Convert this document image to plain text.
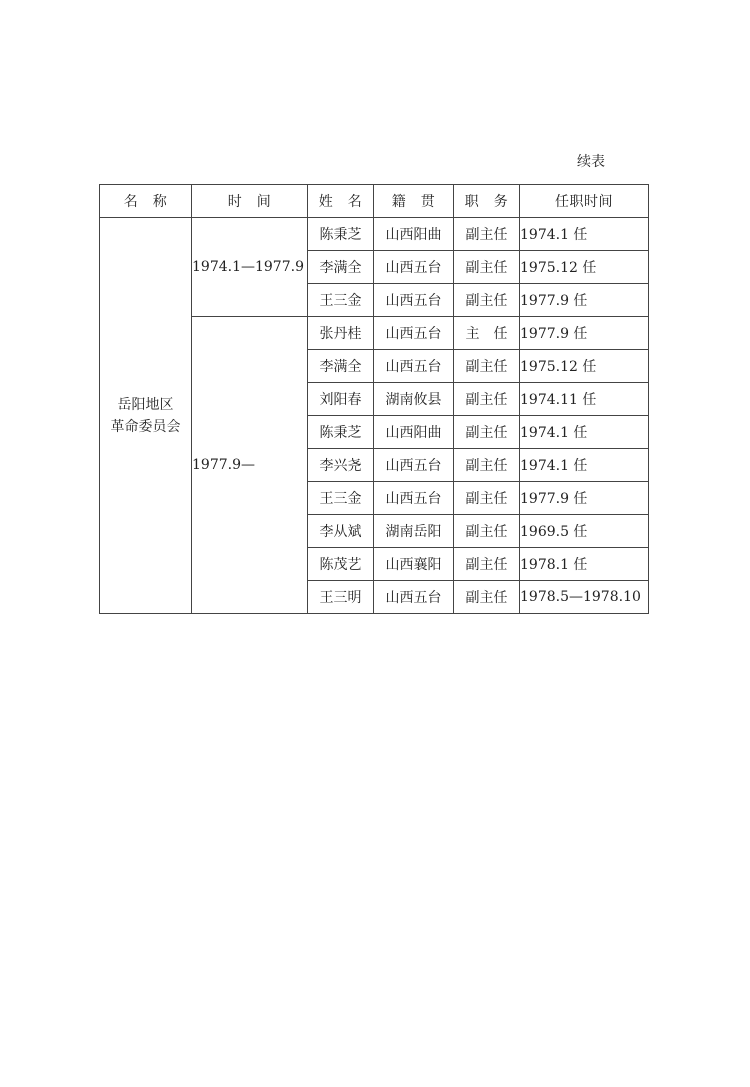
续表
名　称	时　间	姓　名	籍　贯	职　务	任职时间

岳阳地区
革命委员会	1974.1—1977.9	陈秉芝	山西阳曲	副主任	1974.1 任
		李满全	山西五台	副主任	1975.12 任
		王三金	山西五台	副主任	1977.9 任
	1977.9—	张丹桂	山西五台	主　任	1977.9 任
		李满全	山西五台	副主任	1975.12 任
		刘阳春	湖南攸县	副主任	1974.11 任
		陈秉芝	山西阳曲	副主任	1974.1 任
		李兴尧	山西五台	副主任	1974.1 任
		王三金	山西五台	副主任	1977.9 任
		李从斌	湖南岳阳	副主任	1969.5 任
		陈茂艺	山西襄阳	副主任	1978.1 任
		王三明	山西五台	副主任	1978.5—1978.10
